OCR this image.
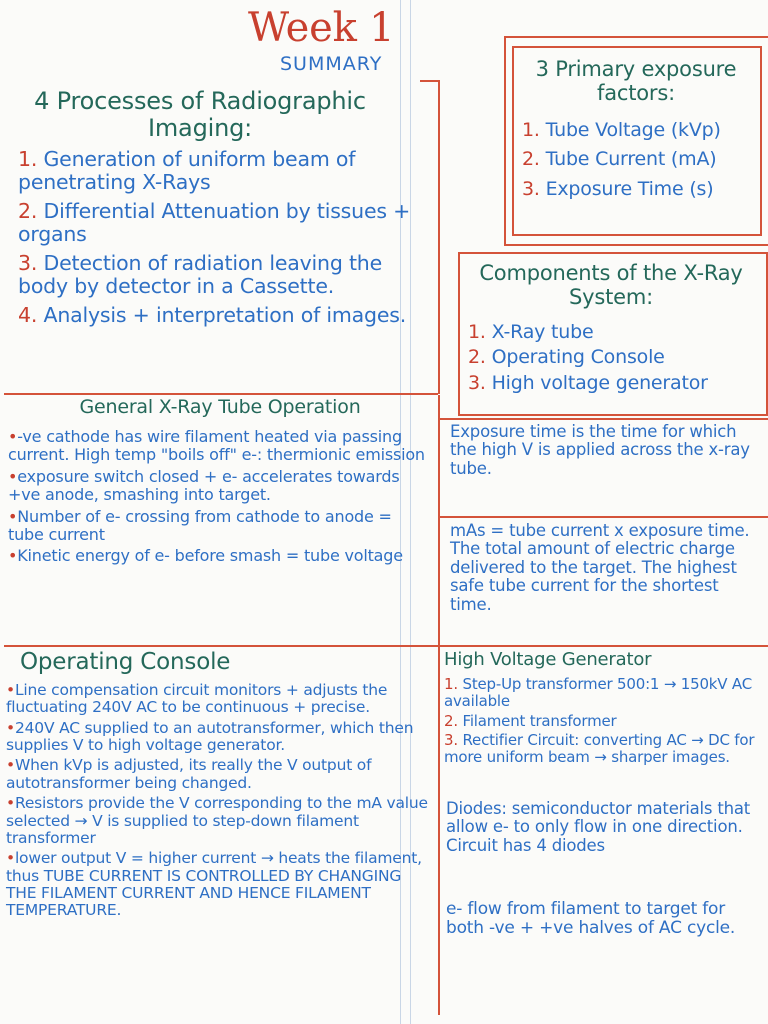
Week 1
SUMMARY
4 Processes of Radiographic Imaging:
1. Generation of uniform beam of penetrating X-Rays
2. Differential Attenuation by tissues + organs
3. Detection of radiation leaving the body by detector in a Cassette.
4. Analysis + interpretation of images.
3 Primary exposure factors:
1. Tube Voltage (kVp)
2. Tube Current (mA)
3. Exposure Time (s)
Components of the X-Ray System:
1. X-Ray tube
2. Operating Console
3. High voltage generator
General X-Ray Tube Operation
•-ve cathode has wire filament heated via passing current. High temp "boils off" e-: thermionic emission
•exposure switch closed + e- accelerates towards +ve anode, smashing into target.
•Number of e- crossing from cathode to anode = tube current
•Kinetic energy of e- before smash = tube voltage
Exposure time is the time for which the high V is applied across the x-ray tube.
mAs = tube current x exposure time. The total amount of electric charge delivered to the target. The highest safe tube current for the shortest time.
Operating Console
•Line compensation circuit monitors + adjusts the fluctuating 240V AC to be continuous + precise.
•240V AC supplied to an autotransformer, which then supplies V to high voltage generator.
•When kVp is adjusted, its really the V output of autotransformer being changed.
•Resistors provide the V corresponding to the mA value selected → V is supplied to step-down filament transformer
•lower output V = higher current → heats the filament, thus TUBE CURRENT IS CONTROLLED BY CHANGING THE FILAMENT CURRENT AND HENCE FILAMENT TEMPERATURE.
High Voltage Generator
1. Step-Up transformer 500:1 → 150kV AC available
2. Filament transformer
3. Rectifier Circuit: converting AC → DC for more uniform beam → sharper images.
Diodes: semiconductor materials that allow e- to only flow in one direction. Circuit has 4 diodes
e- flow from filament to target for both -ve + +ve halves of AC cycle.
